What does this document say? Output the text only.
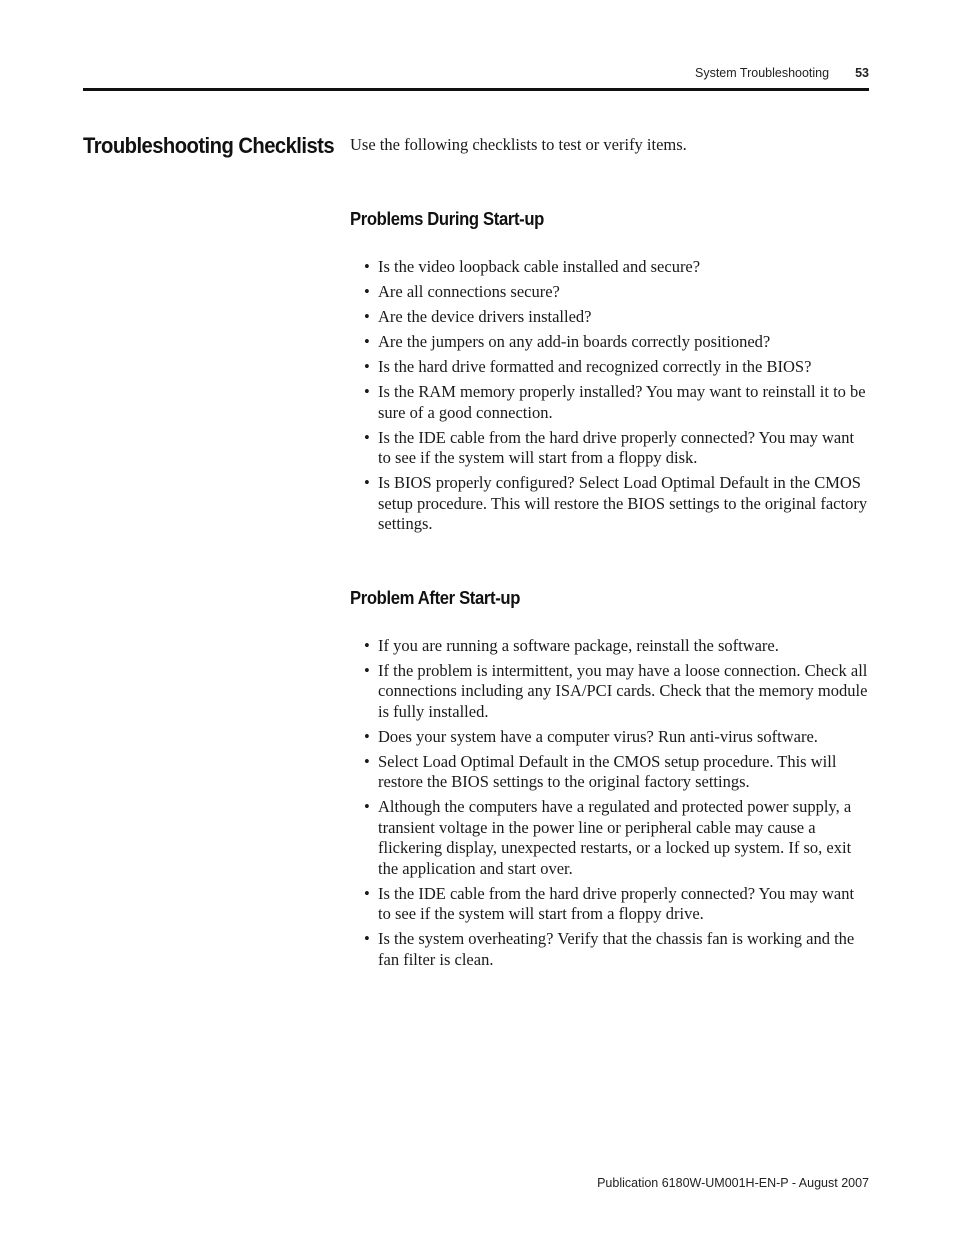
System Troubleshooting 53
Troubleshooting Checklists Use the following checklists to test or verify items.

Problems During Start-up
• Is the video loopback cable installed and secure?
• Are all connections secure?
• Are the device drivers installed?
• Are the jumpers on any add-in boards correctly positioned?
• Is the hard drive formatted and recognized correctly in the BIOS?
• Is the RAM memory properly installed? You may want to reinstall it to be sure of a good connection.
• Is the IDE cable from the hard drive properly connected? You may want to see if the system will start from a floppy disk.
• Is BIOS properly configured? Select Load Optimal Default in the CMOS setup procedure. This will restore the BIOS settings to the original factory settings.
Problem After Start-up
• If you are running a software package, reinstall the software.
• If the problem is intermittent, you may have a loose connection. Check all connections including any ISA/PCI cards. Check that the memory module is fully installed.
• Does your system have a computer virus? Run anti-virus software.
• Select Load Optimal Default in the CMOS setup procedure. This will restore the BIOS settings to the original factory settings.
• Although the computers have a regulated and protected power supply, a transient voltage in the power line or peripheral cable may cause a flickering display, unexpected restarts, or a locked up system. If so, exit the application and start over.
• Is the IDE cable from the hard drive properly connected? You may want to see if the system will start from a floppy drive.
• Is the system overheating? Verify that the chassis fan is working and the fan filter is clean.
Publication 6180W-UM001H-EN-P - August 2007
